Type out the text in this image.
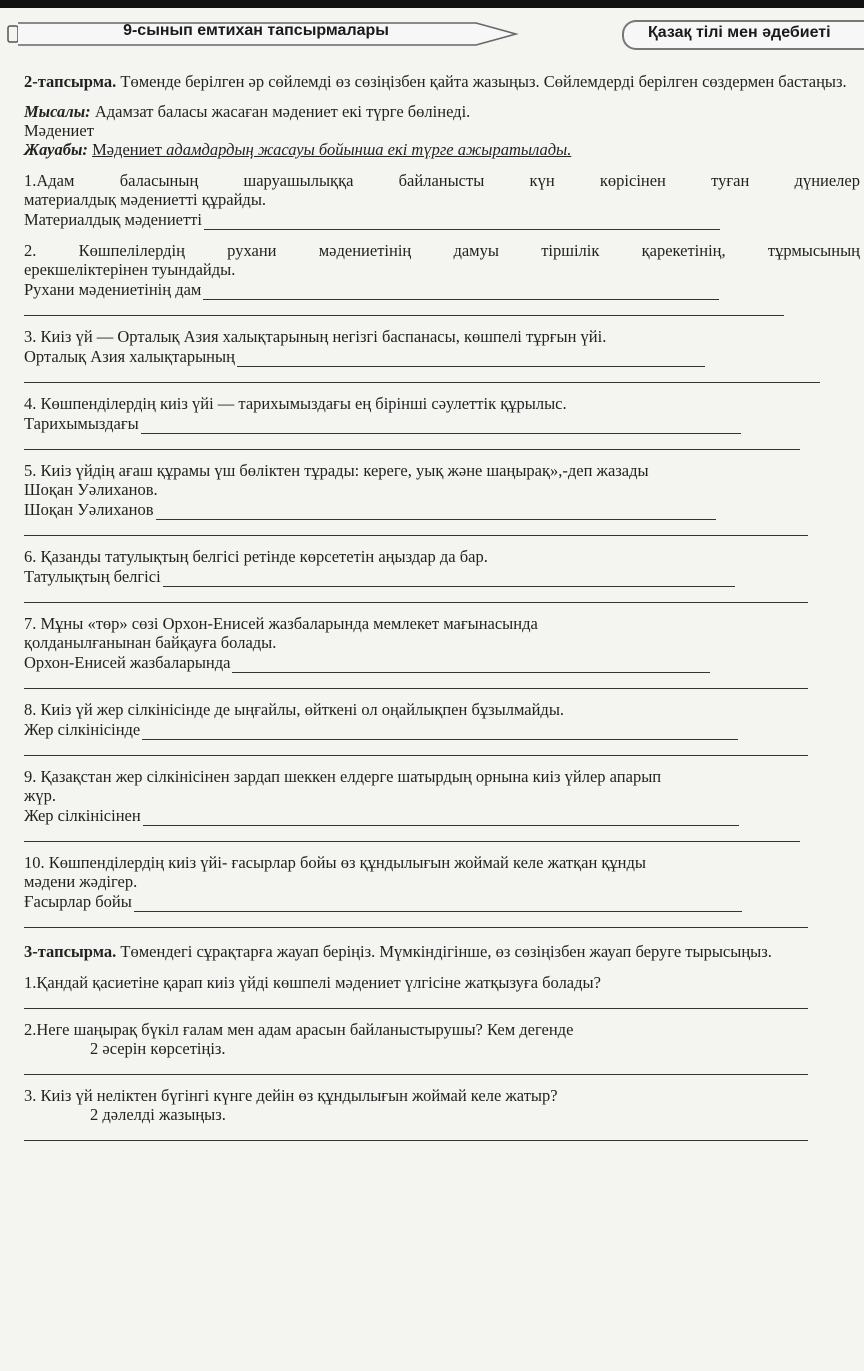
9-сынып емтихан тапсырмалары	Қазақ тілі мен әдебиеті

2-тапсырма. Төменде берілген әр сөйлемді өз сөзіңізбен қайта жазыңыз. Сөйлемдерді берілген сөздермен бастаңыз.

Мысалы: Адамзат баласы жасаған мәдениет екі түрге бөлінеді.

Мәдениет

Жауабы: Мәдениет адамдардың жасауы бойынша екі түрге ажыратылады.

1.Адам баласының шаруашылыққа байланысты күн көрісінен туған дүниелер

материалдық мәдениетті құрайды.

Материалдық мәдениетті

2. Көшпелілердің рухани мәдениетінің дамуы тіршілік қарекетінің, тұрмысының

ерекшеліктерінен туындайды.

Рухани мәдениетінің дам

3. Киіз үй — Орталық Азия халықтарының негізгі баспанасы, көшпелі тұрғын үйі.

Орталық Азия халықтарының

4. Көшпенділердің киіз үйі — тарихымыздағы ең бірінші сәулеттік құрылыс.

Тарихымыздағы

5. Киіз үйдің ағаш құрамы үш бөліктен тұрады: кереге, уық және шаңырақ»,-деп жазады

Шоқан Уәлиханов.

Шоқан Уәлиханов

6. Қазанды татулықтың белгісі ретінде көрсететін аңыздар да бар.

Татулықтың белгісі

7. Мұны «төр» сөзі Орхон-Енисей жазбаларында мемлекет мағынасында

қолданылғанынан байқауға болады.

Орхон-Енисей жазбаларында

8. Киіз үй жер сілкінісінде де ыңғайлы, өйткені ол оңайлықпен бұзылмайды.

Жер сілкінісінде

9. Қазақстан жер сілкінісінен зардап шеккен елдерге шатырдың орнына киіз үйлер апарып

жүр.

Жер сілкінісінен

10. Көшпенділердің киіз үйі- ғасырлар бойы өз құндылығын жоймай келе жатқан құнды

мәдени жәдігер.

Ғасырлар бойы

3-тапсырма. Төмендегі сұрақтарға жауап беріңіз. Мүмкіндігінше, өз сөзіңізбен жауап беруге тырысыңыз.

1.Қандай қасиетіне қарап киіз үйді көшпелі мәдениет үлгісіне жатқызуға болады?

2.Неге шаңырақ бүкіл ғалам мен адам арасын байланыстырушы? Кем дегенде

2 әсерін көрсетіңіз.

3. Киіз үй неліктен бүгінгі күнге дейін өз құндылығын жоймай келе жатыр?

2 дәлелді жазыңыз.
